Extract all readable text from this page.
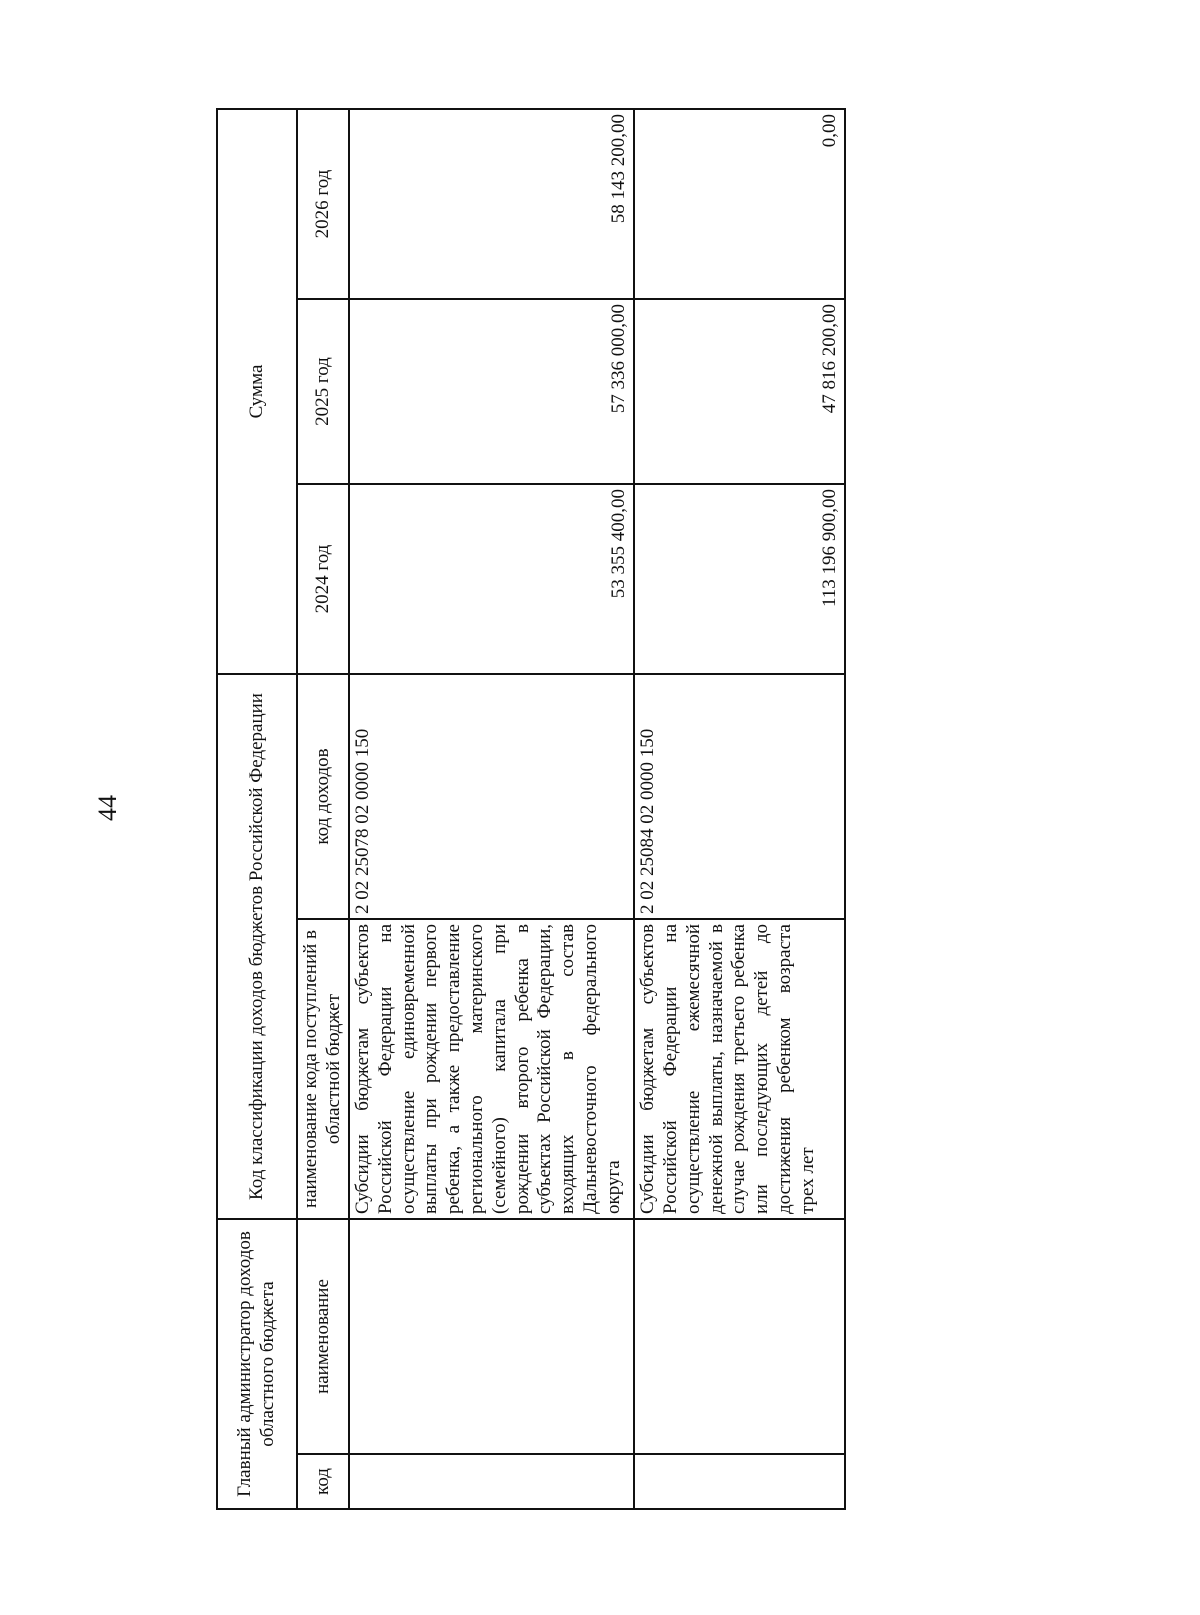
44
Главный администратор доходов областного бюджета		Код классификации доходов бюджетов Российской Федерации		Сумма		
код	наименование	наименование кода поступлений в областной бюджет	код доходов	2024 год	2025 год	2026 год
		Субсидии бюджетам субъектов Российской Федерации на осуществление единовременной выплаты при рождении первого ребенка, а также предоставление регионального материнского (семейного) капитала при рождении второго ребенка в субъектах Российской Федерации, входящих в состав Дальневосточного федерального округа	2 02 25078 02 0000 150	53 355 400,00	57 336 000,00	58 143 200,00
		Субсидии бюджетам субъектов Российской Федерации на осуществление ежемесячной денежной выплаты, назначаемой в случае рождения третьего ребенка или последующих детей до достижения ребенком возраста трех лет	2 02 25084 02 0000 150	113 196 900,00	47 816 200,00	0,00
